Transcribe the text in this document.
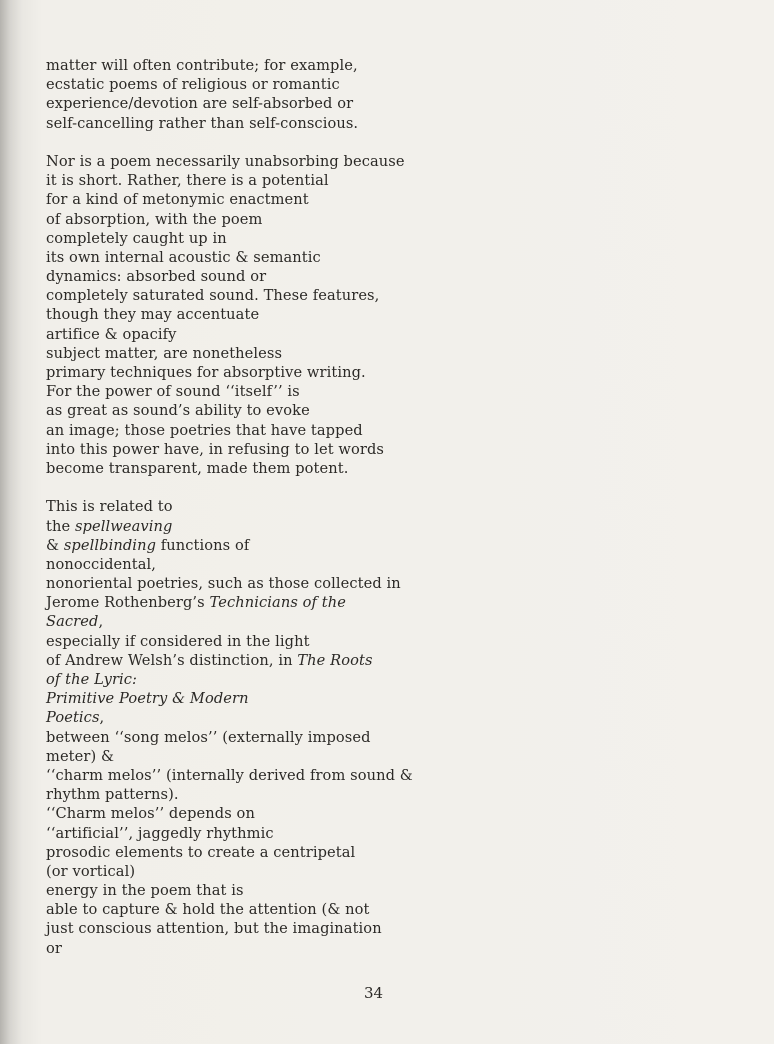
matter will often contribute; for example,
ecstatic poems of religious or romantic
experience/devotion are self-absorbed or
self-cancelling rather than self-conscious.
Nor is a poem necessarily unabsorbing because
it is short. Rather, there is a potential
for a kind of metonymic enactment
of absorption, with the poem
completely caught up in
its own internal acoustic & semantic
dynamics: absorbed sound or
completely saturated sound. These features,
though they may accentuate
artifice & opacify
subject matter, are nonetheless
primary techniques for absorptive writing.
For the power of sound ‘‘itself’’ is
as great as sound’s ability to evoke
an image; those poetries that have tapped
into this power have, in refusing to let words
become transparent, made them potent.
This is related to
the spellweaving
& spellbinding functions of
nonoccidental,
nonoriental poetries, such as those collected in
Jerome Rothenberg’s Technicians of the
Sacred,
especially if considered in the light
of Andrew Welsh’s distinction, in The Roots
of the Lyric:
Primitive Poetry & Modern
Poetics,
between ‘‘song melos’’ (externally imposed
meter) &
‘‘charm melos’’ (internally derived from sound &
rhythm patterns).
‘‘Charm melos’’ depends on
‘‘artificial’’, jaggedly rhythmic
prosodic elements to create a centripetal
(or vortical)
energy in the poem that is
able to capture & hold the attention (& not
just conscious attention, but the imagination
or
34
